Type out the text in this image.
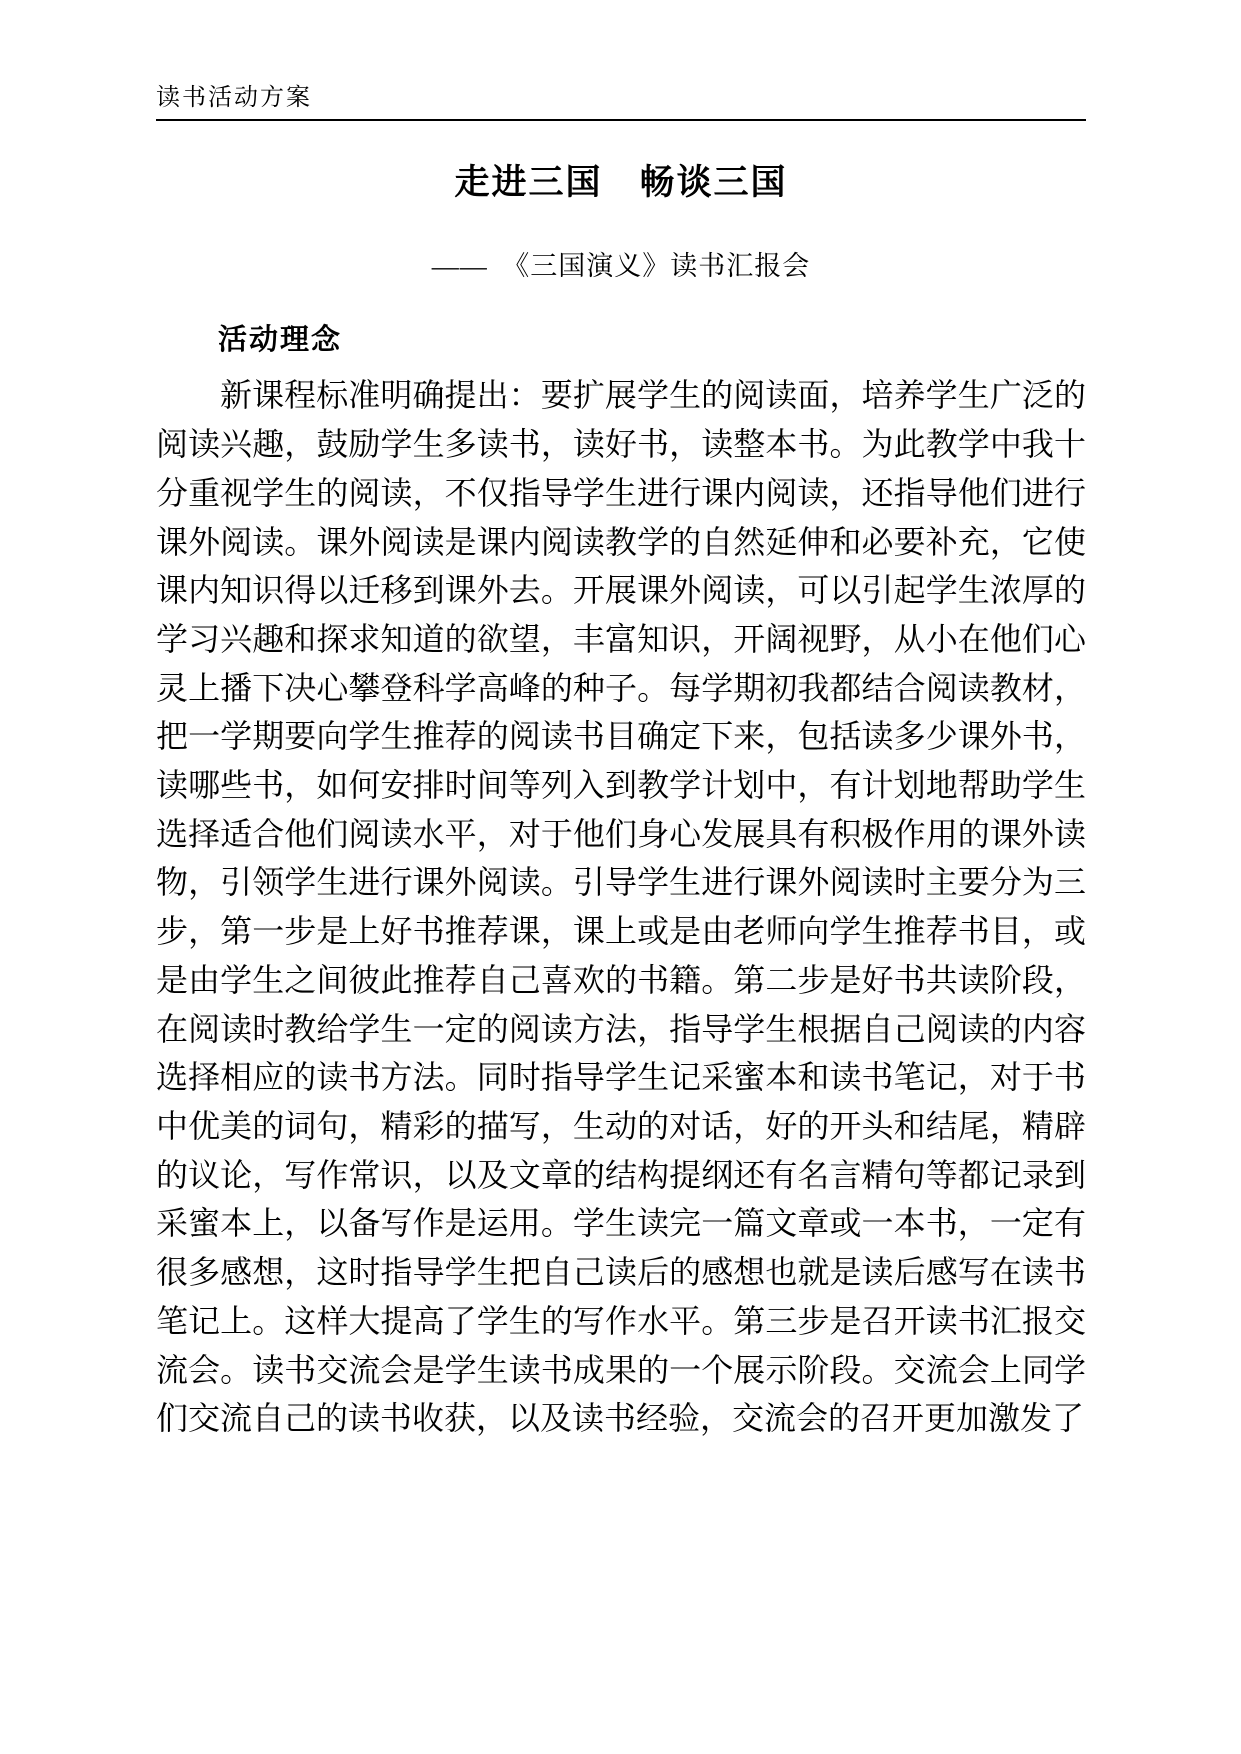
读书活动方案
走进三国　畅谈三国
——　《三国演义》读书汇报会
活动理念

新课程标准明确提出：要扩展学生的阅读面，培养学生广泛的阅读兴趣，鼓励学生多读书，读好书，读整本书。为此教学中我十分重视学生的阅读，不仅指导学生进行课内阅读，还指导他们进行课外阅读。课外阅读是课内阅读教学的自然延伸和必要补充，它使课内知识得以迁移到课外去。开展课外阅读，可以引起学生浓厚的学习兴趣和探求知道的欲望，丰富知识，开阔视野，从小在他们心灵上播下决心攀登科学高峰的种子。每学期初我都结合阅读教材，把一学期要向学生推荐的阅读书目确定下来，包括读多少课外书，读哪些书，如何安排时间等列入到教学计划中，有计划地帮助学生选择适合他们阅读水平，对于他们身心发展具有积极作用的课外读物，引领学生进行课外阅读。引导学生进行课外阅读时主要分为三步，第一步是上好书推荐课，课上或是由老师向学生推荐书目，或是由学生之间彼此推荐自己喜欢的书籍。第二步是好书共读阶段，在阅读时教给学生一定的阅读方法，指导学生根据自己阅读的内容选择相应的读书方法。同时指导学生记采蜜本和读书笔记，对于书中优美的词句，精彩的描写，生动的对话，好的开头和结尾，精辟的议论，写作常识，以及文章的结构提纲还有名言精句等都记录到采蜜本上，以备写作是运用。学生读完一篇文章或一本书，一定有很多感想，这时指导学生把自己读后的感想也就是读后感写在读书笔记上。这样大提高了学生的写作水平。第三步是召开读书汇报交流会。读书交流会是学生读书成果的一个展示阶段。交流会上同学们交流自己的读书收获，以及读书经验，交流会的召开更加激发了
